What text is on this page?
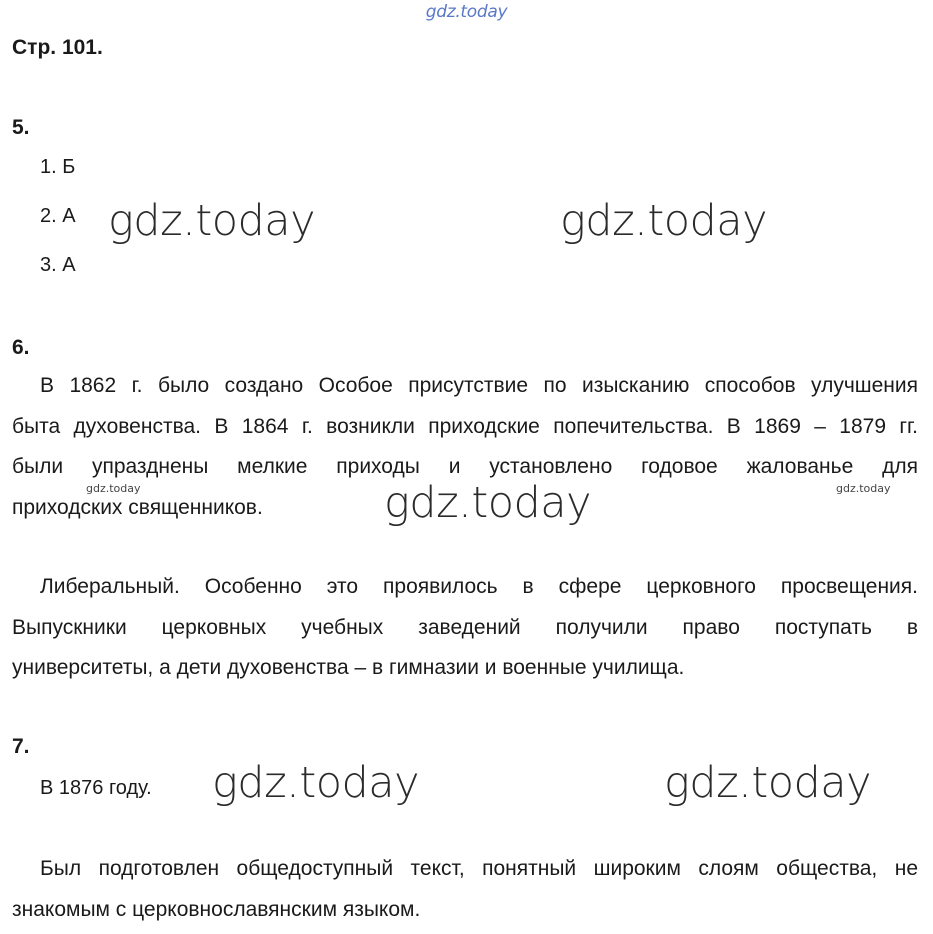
gdz.today
Стр. 101.
5.
1. Б
2. А
3. А
gdz.today	gdz.today
6.
В 1862 г. было создано Особое присутствие по изысканию способов улучшения
быта духовенства. В 1864 г. возникли приходские попечительства. В 1869 – 1879 гг.
были упразднены мелкие приходы и установлено годовое жалованье для
приходских священников.
gdz.today	gdz.today
gdz.today
Либеральный. Особенно это проявилось в сфере церковного просвещения.
Выпускники церковных учебных заведений получили право поступать в
университеты, а дети духовенства – в гимназии и военные училища.
7.
В 1876 году. gdz.today	gdz.today
Был подготовлен общедоступный текст, понятный широким слоям общества, не
знакомым с церковнославянским языком.
